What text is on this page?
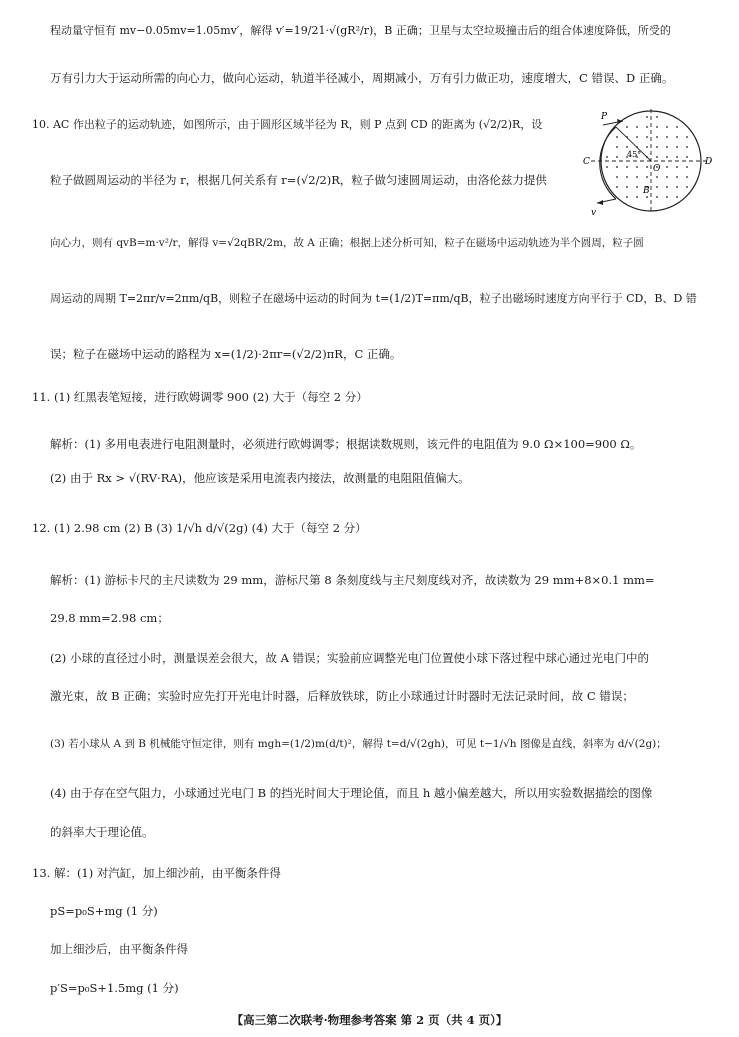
程动量守恒有 mv−0.05mv=1.05mv′，解得 v′=19/21·√(gR²/r)，B 正确；卫星与太空垃圾撞击后的组合体速度降低，所受的
万有引力大于运动所需的向心力，做向心运动，轨道半径减小，周期减小，万有引力做正功，速度增大，C 错误、D 正确。
10. AC 作出粒子的运动轨迹，如图所示，由于圆形区域半径为 R，则 P 点到 CD 的距离为 (√2/2)R，设
粒子做圆周运动的半径为 r，根据几何关系有 r=(√2/2)R，粒子做匀速圆周运动，由洛伦兹力提供
向心力，则有 qvB=m·v²/r，解得 v=√2qBR/2m，故 A 正确；根据上述分析可知，粒子在磁场中运动轨迹为半个圆周，粒子圆
周运动的周期 T=2πr/v=2πm/qB，则粒子在磁场中运动的时间为 t=(1/2)T=πm/qB，粒子出磁场时速度方向平行于 CD，B、D 错
误；粒子在磁场中运动的路程为 x=(1/2)·2πr=(√2/2)πR，C 正确。
11. (1) 红黑表笔短接，进行欧姆调零 900 (2) 大于（每空 2 分）
解析：(1) 多用电表进行电阻测量时，必须进行欧姆调零；根据读数规则，该元件的电阻值为 9.0 Ω×100=900 Ω。
(2) 由于 Rx > √(RV·RA)，他应该是采用电流表内接法，故测量的电阻阻值偏大。
12. (1) 2.98 cm (2) B (3) 1/√h d/√(2g) (4) 大于（每空 2 分）
解析：(1) 游标卡尺的主尺读数为 29 mm，游标尺第 8 条刻度线与主尺刻度线对齐，故读数为 29 mm+8×0.1 mm=
29.8 mm=2.98 cm；
(2) 小球的直径过小时，测量误差会很大，故 A 错误；实验前应调整光电门位置使小球下落过程中球心通过光电门中的
激光束，故 B 正确；实验时应先打开光电计时器，后释放铁球，防止小球通过计时器时无法记录时间，故 C 错误；
(3) 若小球从 A 到 B 机械能守恒定律，则有 mgh=(1/2)m(d/t)²，解得 t=d/√(2gh)，可见 t−1/√h 图像是直线，斜率为 d/√(2g)；
(4) 由于存在空气阻力，小球通过光电门 B 的挡光时间大于理论值，而且 h 越小偏差越大，所以用实验数据描绘的图像
的斜率大于理论值。
13. 解：(1) 对汽缸，加上细沙前，由平衡条件得
pS=p₀S+mg (1 分)
加上细沙后，由平衡条件得
p′S=p₀S+1.5mg (1 分)
P
C	D
O
B
v
45°
【高三第二次联考·物理参考答案 第 2 页（共 4 页）】
